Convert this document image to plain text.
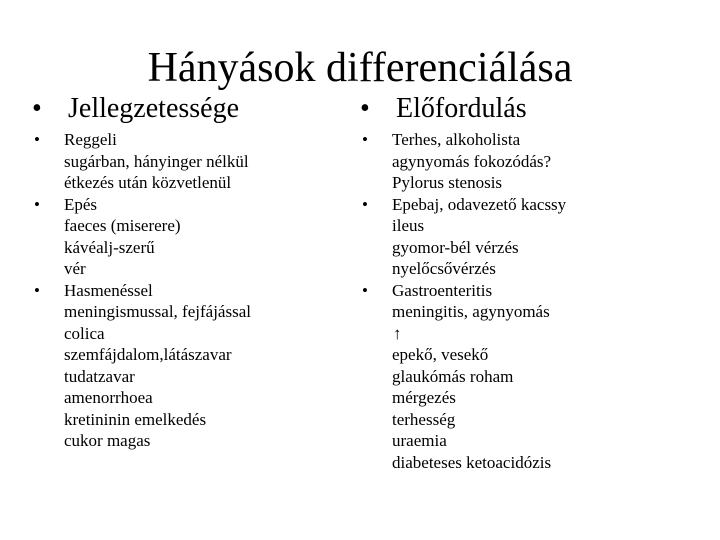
Hányások differenciálása
• Jellegzetessége	• Előfordulás
•	Reggeli
sugárban, hányinger nélkül
étkezés után közvetlenül
•	Epés
faeces (miserere)
kávéalj-szerű
vér
•	Hasmenéssel
meningismussal, fejfájással
colica
szemfájdalom,látászavar
tudatzavar
amenorrhoea
kretininin emelkedés
cukor magas
•	Terhes, alkoholista
agynyomás fokozódás?
Pylorus stenosis
•	Epebaj, odavezető kacssy
ileus
gyomor-bél vérzés
nyelőcsővérzés
•	Gastroenteritis
meningitis, agynyomás
↑
epekő, vesekő
glaukómás roham
mérgezés
terhesség
uraemia
diabeteses ketoacidózis
